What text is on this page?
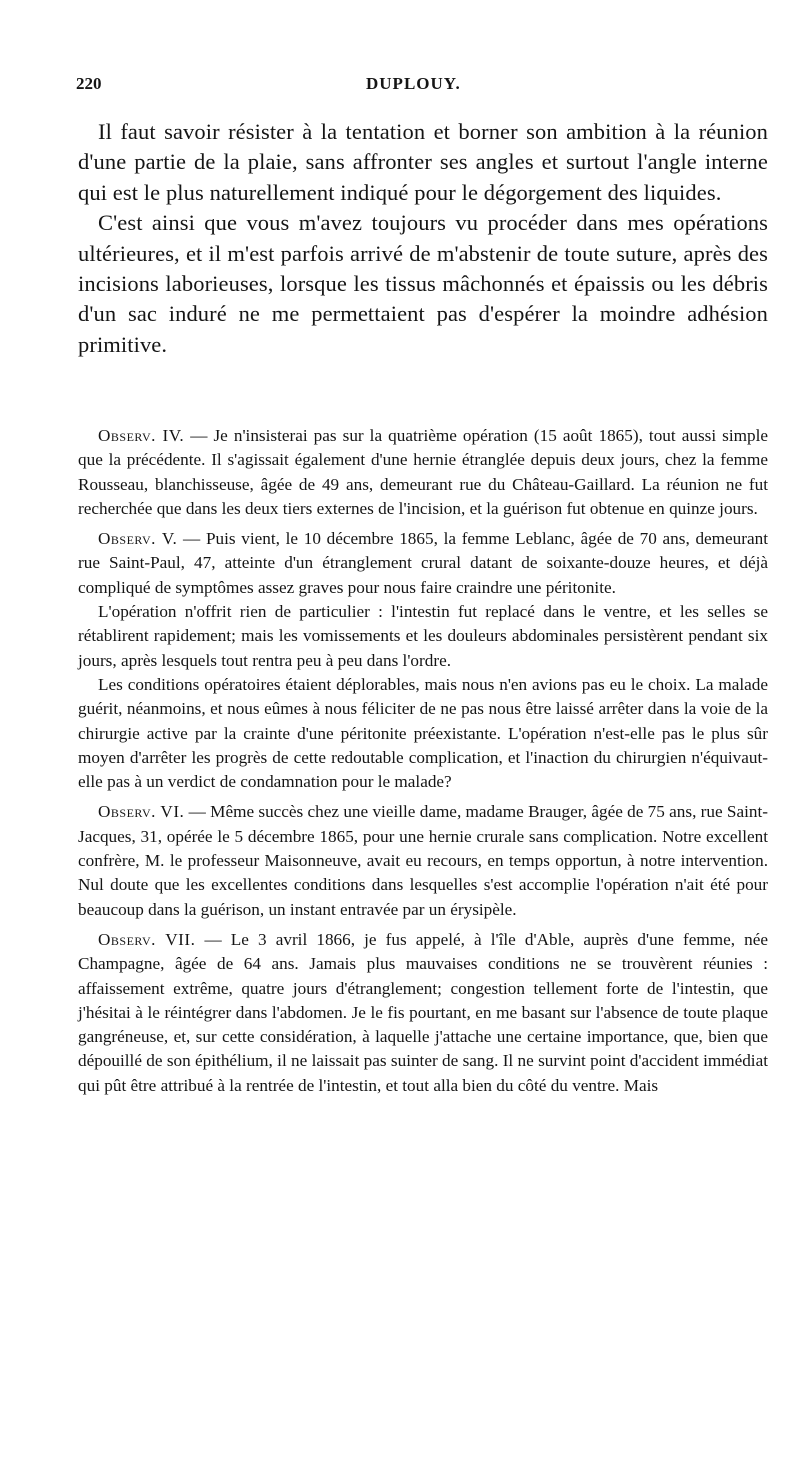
220	DUPLOUY.

Il faut savoir résister à la tentation et borner son ambition à la réunion d'une partie de la plaie, sans affronter ses angles et surtout l'angle interne qui est le plus naturellement indiqué pour le dégorgement des liquides.

C'est ainsi que vous m'avez toujours vu procéder dans mes opérations ultérieures, et il m'est parfois arrivé de m'abstenir de toute suture, après des incisions laborieuses, lorsque les tissus mâchonnés et épaissis ou les débris d'un sac induré ne me permettaient pas d'espérer la moindre adhésion primitive.

Observ. IV. — Je n'insisterai pas sur la quatrième opération (15 août 1865), tout aussi simple que la précédente. Il s'agissait également d'une hernie étranglée depuis deux jours, chez la femme Rousseau, blanchisseuse, âgée de 49 ans, demeurant rue du Château-Gaillard. La réunion ne fut recherchée que dans les deux tiers externes de l'incision, et la guérison fut obtenue en quinze jours.

Observ. V. — Puis vient, le 10 décembre 1865, la femme Leblanc, âgée de 70 ans, demeurant rue Saint-Paul, 47, atteinte d'un étranglement crural datant de soixante-douze heures, et déjà compliqué de symptômes assez graves pour nous faire craindre une péritonite.

L'opération n'offrit rien de particulier : l'intestin fut replacé dans le ventre, et les selles se rétablirent rapidement; mais les vomissements et les douleurs abdominales persistèrent pendant six jours, après lesquels tout rentra peu à peu dans l'ordre.

Les conditions opératoires étaient déplorables, mais nous n'en avions pas eu le choix. La malade guérit, néanmoins, et nous eûmes à nous féliciter de ne pas nous être laissé arrêter dans la voie de la chirurgie active par la crainte d'une péritonite préexistante. L'opération n'est-elle pas le plus sûr moyen d'arrêter les progrès de cette redoutable complication, et l'inaction du chirurgien n'équivaut-elle pas à un verdict de condamnation pour le malade?

Observ. VI. — Même succès chez une vieille dame, madame Brauger, âgée de 75 ans, rue Saint-Jacques, 31, opérée le 5 décembre 1865, pour une hernie crurale sans complication. Notre excellent confrère, M. le professeur Maisonneuve, avait eu recours, en temps opportun, à notre intervention. Nul doute que les excellentes conditions dans lesquelles s'est accomplie l'opération n'ait été pour beaucoup dans la guérison, un instant entravée par un érysipèle.

Observ. VII. — Le 3 avril 1866, je fus appelé, à l'île d'Able, auprès d'une femme, née Champagne, âgée de 64 ans. Jamais plus mauvaises conditions ne se trouvèrent réunies : affaissement extrême, quatre jours d'étranglement; congestion tellement forte de l'intestin, que j'hésitai à le réintégrer dans l'abdomen. Je le fis pourtant, en me basant sur l'absence de toute plaque gangréneuse, et, sur cette considération, à laquelle j'attache une certaine importance, que, bien que dépouillé de son épithélium, il ne laissait pas suinter de sang. Il ne survint point d'accident immédiat qui pût être attribué à la rentrée de l'intestin, et tout alla bien du côté du ventre. Mais
